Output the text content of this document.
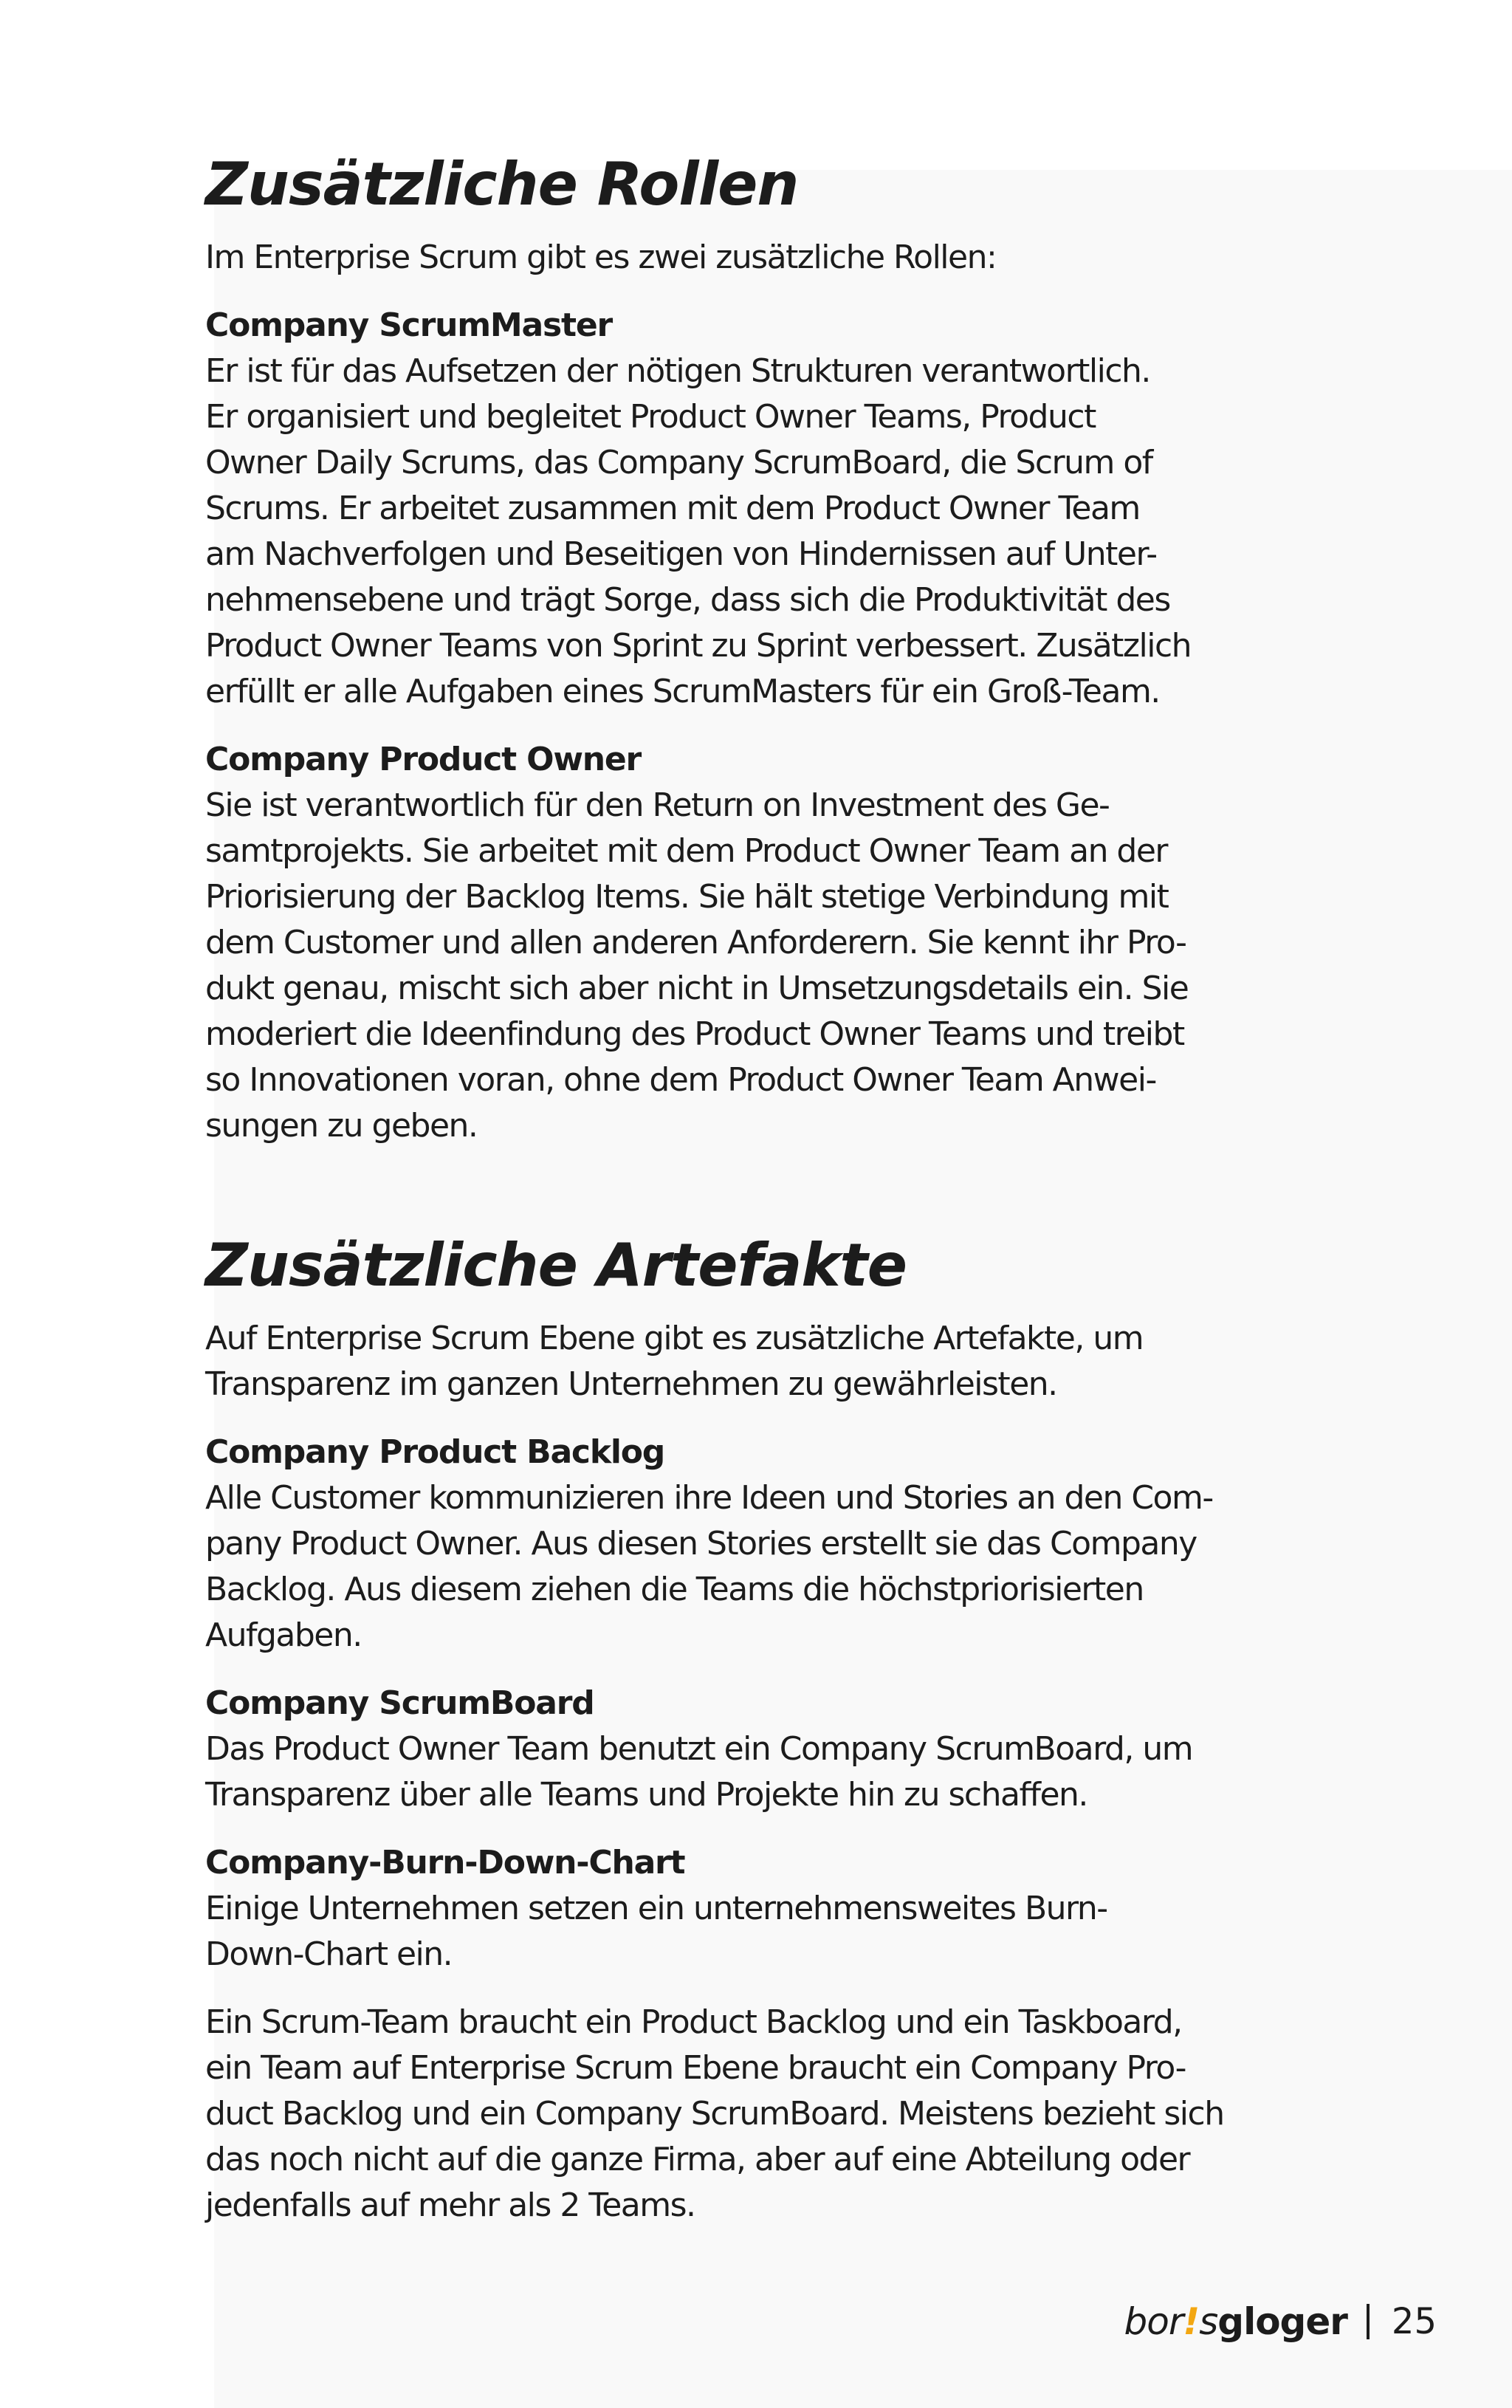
Zusätzliche Rollen

Im Enterprise Scrum gibt es zwei zusätzliche Rollen:

Company ScrumMaster

Er ist für das Aufsetzen der nötigen Strukturen verantwortlich.
Er organisiert und begleitet Product Owner Teams, Product
Owner Daily Scrums, das Company ScrumBoard, die Scrum of
Scrums. Er arbeitet zusammen mit dem Product Owner Team
am Nachverfolgen und Beseitigen von Hindernissen auf Unter-
nehmensebene und trägt Sorge, dass sich die Produktivität des
Product Owner Teams von Sprint zu Sprint verbessert. Zusätzlich
erfüllt er alle Aufgaben eines ScrumMasters für ein Groß-Team.

Company Product Owner

Sie ist verantwortlich für den Return on Investment des Ge-
samtprojekts. Sie arbeitet mit dem Product Owner Team an der
Priorisierung der Backlog Items. Sie hält stetige Verbindung mit
dem Customer und allen anderen Anforderern. Sie kennt ihr Pro-
dukt genau, mischt sich aber nicht in Umsetzungsdetails ein. Sie
moderiert die Ideenfindung des Product Owner Teams und treibt
so Innovationen voran, ohne dem Product Owner Team Anwei-
sungen zu geben.

Zusätzliche Artefakte

Auf Enterprise Scrum Ebene gibt es zusätzliche Artefakte, um
Transparenz im ganzen Unternehmen zu gewährleisten.

Company Product Backlog

Alle Customer kommunizieren ihre Ideen und Stories an den Com-
pany Product Owner. Aus diesen Stories erstellt sie das Company
Backlog. Aus diesem ziehen die Teams die höchstpriorisierten
Aufgaben.

Company ScrumBoard

Das Product Owner Team benutzt ein Company ScrumBoard, um
Transparenz über alle Teams und Projekte hin zu schaffen.

Company-Burn-Down-Chart

Einige Unternehmen setzen ein unternehmensweites Burn-
Down-Chart ein.

Ein Scrum-Team braucht ein Product Backlog und ein Taskboard,
ein Team auf Enterprise Scrum Ebene braucht ein Company Pro-
duct Backlog und ein Company ScrumBoard. Meistens bezieht sich
das noch nicht auf die ganze Firma, aber auf eine Abteilung oder
jedenfalls auf mehr als 2 Teams.

bor!sgloger 25
